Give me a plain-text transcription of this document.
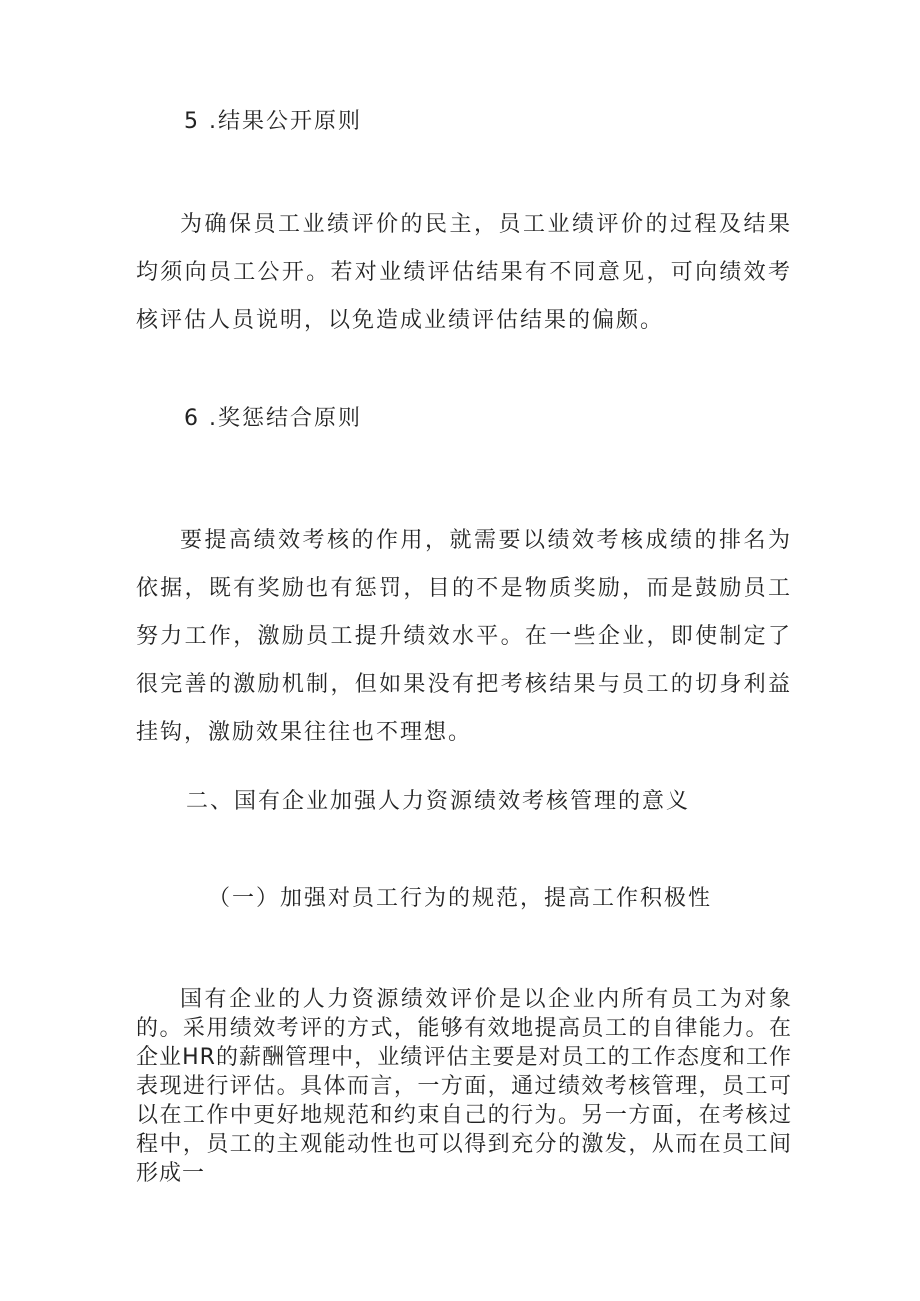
5 .结果公开原则
为确保员工业绩评价的民主，员工业绩评价的过程及结果均须向员工公开。若对业绩评估结果有不同意见，可向绩效考核评估人员说明，以免造成业绩评估结果的偏颇。
6 .奖惩结合原则
要提高绩效考核的作用，就需要以绩效考核成绩的排名为依据，既有奖励也有惩罚，目的不是物质奖励，而是鼓励员工努力工作，激励员工提升绩效水平。在一些企业，即使制定了很完善的激励机制，但如果没有把考核结果与员工的切身利益挂钩，激励效果往往也不理想。
二、国有企业加强人力资源绩效考核管理的意义
（一）加强对员工行为的规范，提高工作积极性
国有企业的人力资源绩效评价是以企业内所有员工为对象的。采用绩效考评的方式，能够有效地提高员工的自律能力。在企业HR的薪酬管理中，业绩评估主要是对员工的工作态度和工作表现进行评估。具体而言，一方面，通过绩效考核管理，员工可以在工作中更好地规范和约束自己的行为。另一方面，在考核过程中，员工的主观能动性也可以得到充分的激发，从而在员工间形成一
